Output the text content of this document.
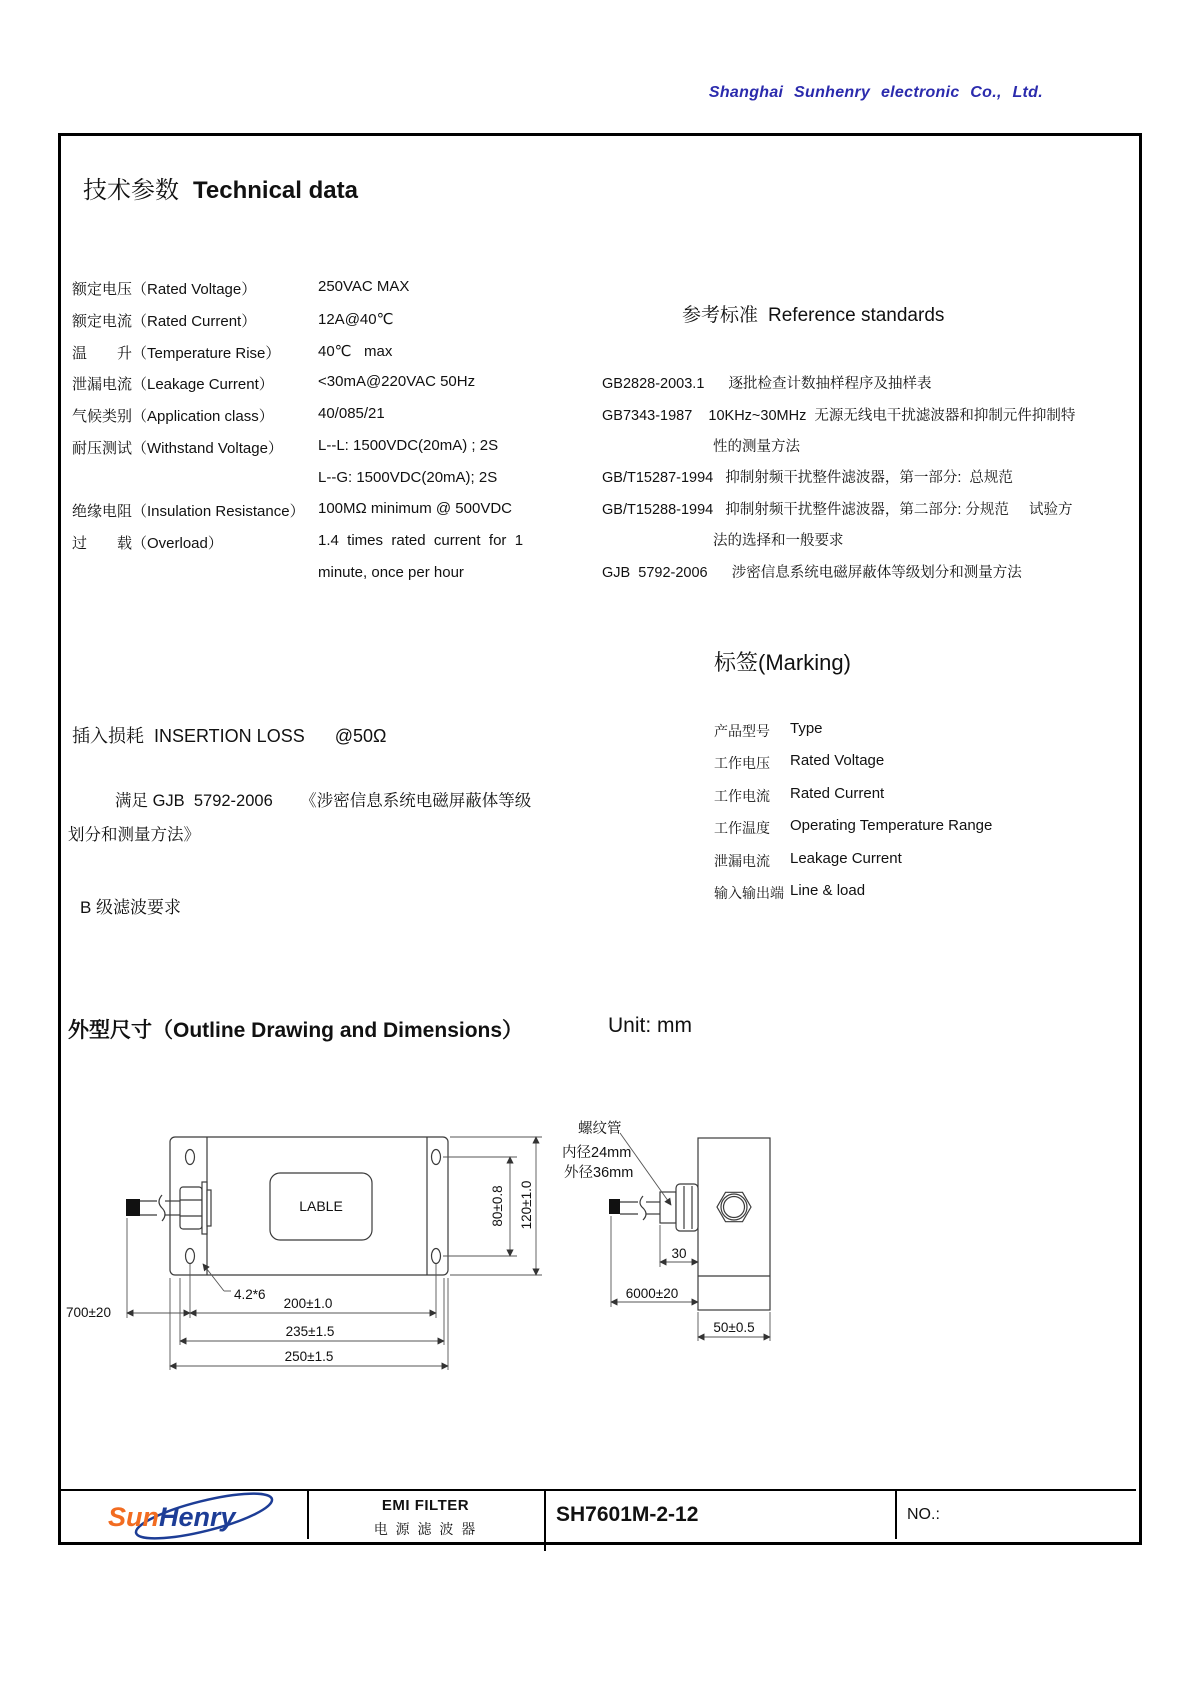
Shanghai Sunhenry electronic Co., Ltd.
技术参数 Technical data
额定电压（Rated Voltage）	250VAC MAX
额定电流（Rated Current）	12A@40℃
温　　升（Temperature Rise）	40℃   max
泄漏电流（Leakage Current）	<30mA@220VAC 50Hz
气候类别（Application class）	40/085/21
耐压测试（Withstand Voltage） L--L: 1500VDC(20mA) ; 2S
L--G: 1500VDC(20mA); 2S
绝缘电阻（Insulation Resistance） 100MΩ minimum @ 500VDC
过　　载（Overload）	1.4  times  rated  current  for  1
minute, once per hour
参考标准 Reference standards
GB2828-2003.1      逐批检查计数抽样程序及抽样表
GB7343-1987    10KHz~30MHz  无源无线电干扰滤波器和抑制元件抑制特
性的测量方法
GB/T15287-1994   抑制射频干扰整件滤波器，第一部分:  总规范
GB/T15288-1994   抑制射频干扰整件滤波器，第二部分: 分规范     试验方
法的选择和一般要求
GJB  5792-2006      涉密信息系统电磁屏蔽体等级划分和测量方法
标签(Marking)
产品型号 Type
工作电压 Rated Voltage
工作电流 Rated Current
工作温度 Operating Temperature Range
泄漏电流 Leakage Current
输入输出端 Line & load
插入损耗  INSERTION LOSS      @50Ω
满足 GJB  5792-2006      《涉密信息系统电磁屏蔽体等级
划分和测量方法》
B 级滤波要求
外型尺寸（Outline Drawing and Dimensions）	Unit: mm
LABLE	80±0.8 120±1.0
700±20
200±1.0
235±1.5
250±1.5
4.2*6
螺纹管
内径24mm
外径36mm
30
6000±20
50±0.5
SunHenry	EMI FILTER
电 源 滤 波 器
SH7601M-2-12	NO.:
